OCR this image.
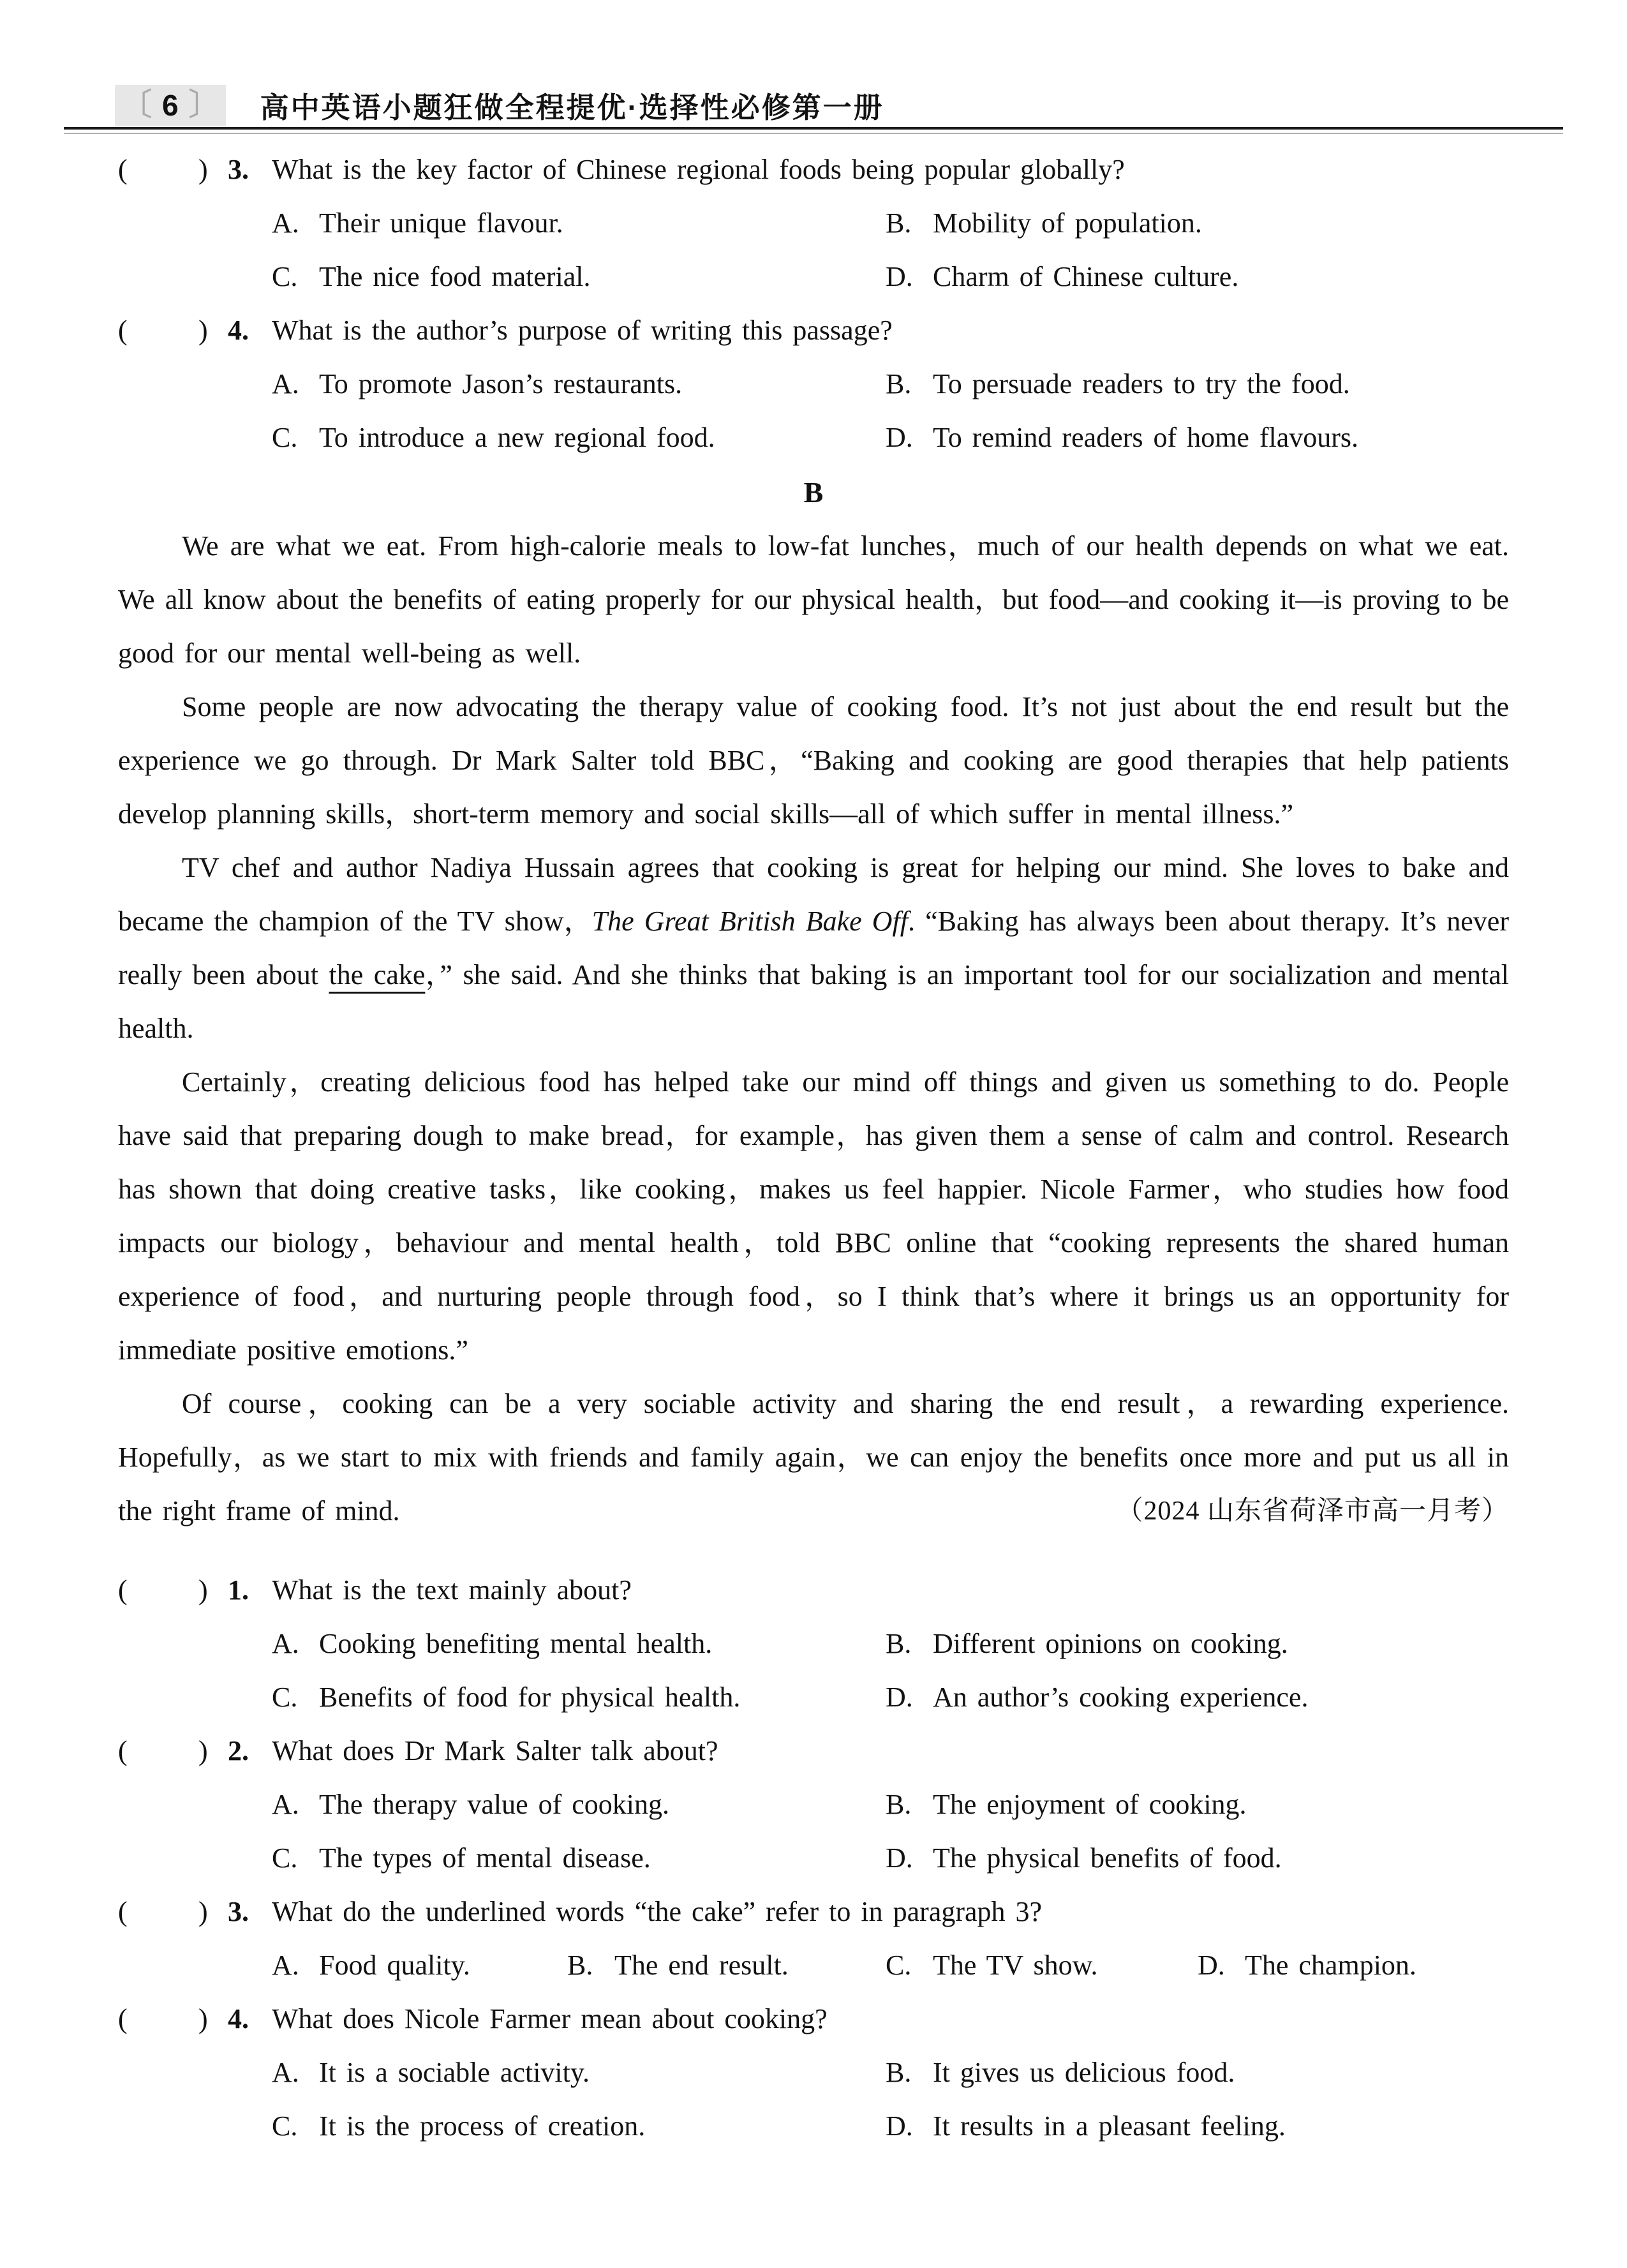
〔 6 〕 高中英语小题狂做全程提优·选择性必修第一册
(	) 3. What is the key factor of Chinese regional foods being popular globally?
A. Their unique flavour.	B. Mobility of population.
C. The nice food material.	D. Charm of Chinese culture.
(	) 4. What is the author’s purpose of writing this passage?
A. To promote Jason’s restaurants.	B. To persuade readers to try the food.
C. To introduce a new regional food.	D. To remind readers of home flavours.
B

We are what we eat. From high-calorie meals to low-fat lunches，much of our health depends on what we eat. We all know about the benefits of eating properly for our physical health，but food—and cooking it—is proving to be good for our mental well-being as well.

Some people are now advocating the therapy value of cooking food. It’s not just about the end result but the experience we go through. Dr Mark Salter told BBC，“Baking and cooking are good therapies that help patients develop planning skills，short-term memory and social skills—all of which suffer in mental illness.”

TV chef and author Nadiya Hussain agrees that cooking is great for helping our mind. She loves to bake and became the champion of the TV show，The Great British Bake Off. “Baking has always been about therapy. It’s never really been about the cake，” she said. And she thinks that baking is an important tool for our socialization and mental health.

Certainly，creating delicious food has helped take our mind off things and given us something to do. People have said that preparing dough to make bread，for example，has given them a sense of calm and control. Research has shown that doing creative tasks，like cooking，makes us feel happier. Nicole Farmer，who studies how food impacts our biology，behaviour and mental health，told BBC online that “cooking represents the shared human experience of food，and nurturing people through food，so I think that’s where it brings us an opportunity for immediate positive emotions.”

Of course，cooking can be a very sociable activity and sharing the end result，a rewarding experience. Hopefully，as we start to mix with friends and family again，we can enjoy the benefits once more and put us all in the right frame of mind.	（2024 山东省荷泽市高一月考）
(	) 1. What is the text mainly about?
A. Cooking benefiting mental health.	B. Different opinions on cooking.
C. Benefits of food for physical health.	D. An author’s cooking experience.
(	) 2. What does Dr Mark Salter talk about?
A. The therapy value of cooking.	B. The enjoyment of cooking.
C. The types of mental disease.	D. The physical benefits of food.
(	) 3. What do the underlined words “the cake” refer to in paragraph 3?
A. Food quality.	B. The end result.	C. The TV show.	D. The champion.
(	) 4. What does Nicole Farmer mean about cooking?
A. It is a sociable activity.	B. It gives us delicious food.
C. It is the process of creation.	D. It results in a pleasant feeling.
